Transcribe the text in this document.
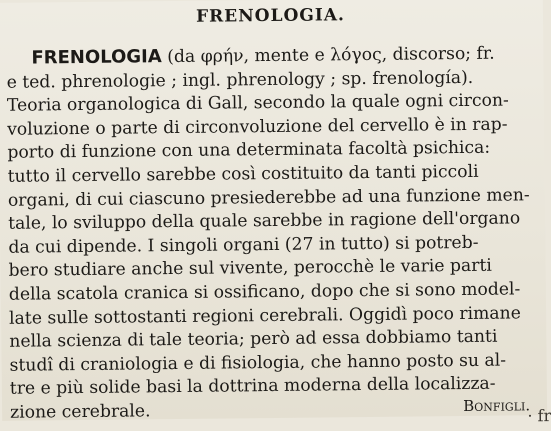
FRENOLOGIA.
FRENOLOGIA (da φρήν, mente e λόγος, discorso; fr.
e ted. phrenologie ; ingl. phrenology ; sp. frenología).
Teoria organologica di Gall, secondo la quale ogni circon-
voluzione o parte di circonvoluzione del cervello è in rap-
porto di funzione con una determinata facoltà psichica:
tutto il cervello sarebbe così costituito da tanti piccoli
organi, di cui ciascuno presiederebbe ad una funzione men-
tale, lo sviluppo della quale sarebbe in ragione dell'organo
da cui dipende. I singoli organi (27 in tutto) si potreb-
bero studiare anche sul vivente, perocchè le varie parti
della scatola cranica si ossificano, dopo che si sono model-
late sulle sottostanti regioni cerebrali. Oggidì poco rimane
nella scienza di tale teoria; però ad essa dobbiamo tanti
studî di craniologia e di fisiologia, che hanno posto su al-
tre e più solide basi la dottrina moderna della localizza-
zione cerebrale.	Bonfigli.
· fr
